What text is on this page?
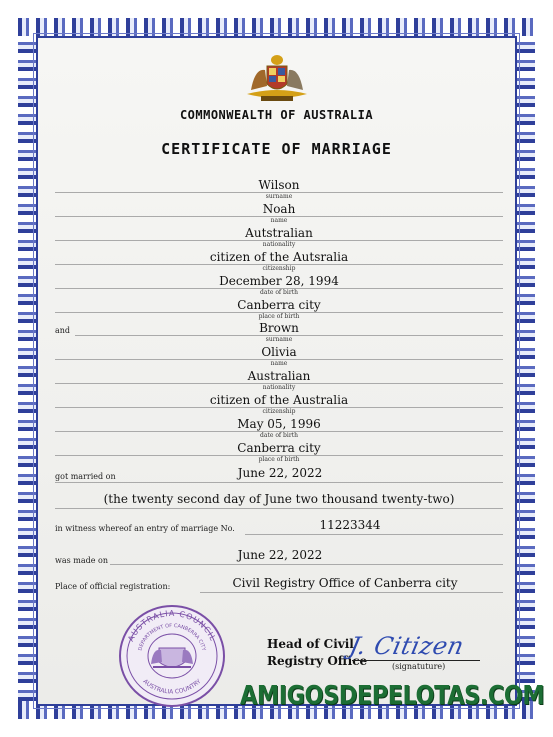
COMMONWEALTH OF AUSTRALIA
CERTIFICATE OF MARRIAGE
Wilson
surname
Noah
name
Autstralian
nationality
citizen of the Autsralia
citizenship
December 28, 1994
date of birth
Canberra city
place of birth
and	Brown
surname
Olivia
name
Australian
nationality
citizen of the Australia
citizenship
May 05, 1996
date of birth
Canberra city
place of birth
got married on	June 22, 2022
(the twenty second day of June two thousand twenty-two)
in witness whereof an entry of marriage No.	11223344
was made on	June 22, 2022
Place of official registration:	Civil Registry Office of Canberra city
AUSTRALIA COUNCIL
DEPARTMENT OF CANBERRA CITY
AUSTRALIA COUNTRY
Head of Civil
Registry Office
J. Citizen
(signatuture)
AMIGOSDEPELOTAS.COM
